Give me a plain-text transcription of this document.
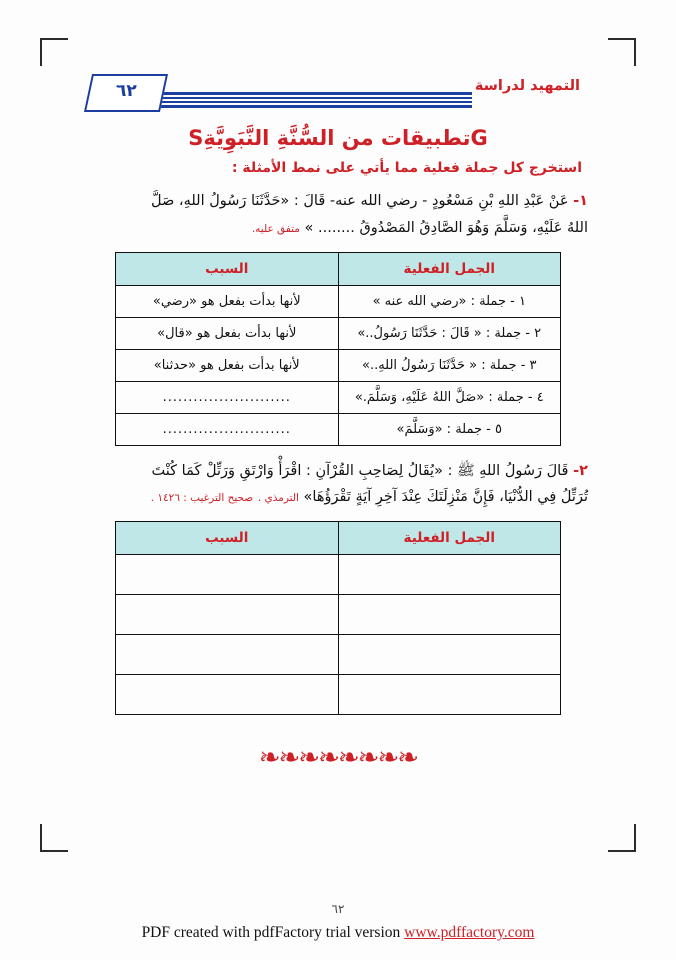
التمهيد لدراسة
٦٢
Gتطبيقات من السُّنَّةِ النَّبَوِيَّةِS
استخرج كل جملة فعلية مما يأتي على نمط الأمثلة :
١- عَنْ عَبْدِ اللهِ بْنِ مَسْعُودٍ - رضي الله عنه- قَالَ : «حَدَّثَنَا رَسُولُ اللهِ، صَلَّ
اللهُ عَلَيْهِ، وَسَلَّمَ وَهُوَ الصَّادِقُ المَصْدُوقُ ........ » متفق عليه.
الجمل الفعلية	السبب
١ - جملة : «رضي الله عنه »	لأنها بدأت بفعل هو «رضي»
٢ - جملة : « قَالَ : حَدَّثَنَا رَسُولُ..»	لأنها بدأت بفعل هو «قال»
٣ - جملة : « حَدَّثَنَا رَسُولُ اللهِ..»	لأنها بدأت بفعل هو «حدثنا»
٤ - جملة : «صَلَّ اللهُ عَلَيْهِ، وَسَلَّمَ.»	.........................
٥ - جملة : «وَسَلَّمَ»	.........................
٢- قَالَ رَسُولُ اللهِ ﷺ : «يُقَالُ لِصَاحِبِ القُرْآنِ : اقْرَأْ وَارْتَقِ وَرَتِّلْ كَمَا كُنْتَ
تُرَتِّلُ فِي الدُّنْيَا، فَإِنَّ مَنْزِلَتَكَ عِنْدَ آخِرِ آيَةٍ تَقْرَؤُهَا» الترمذي . صحيح الترغيب : ١٤٢٦ .
الجمل الفعلية	السبب

❧❧❧❧❧❧❧❧
٦٢
PDF created with pdfFactory trial version www.pdffactory.com
